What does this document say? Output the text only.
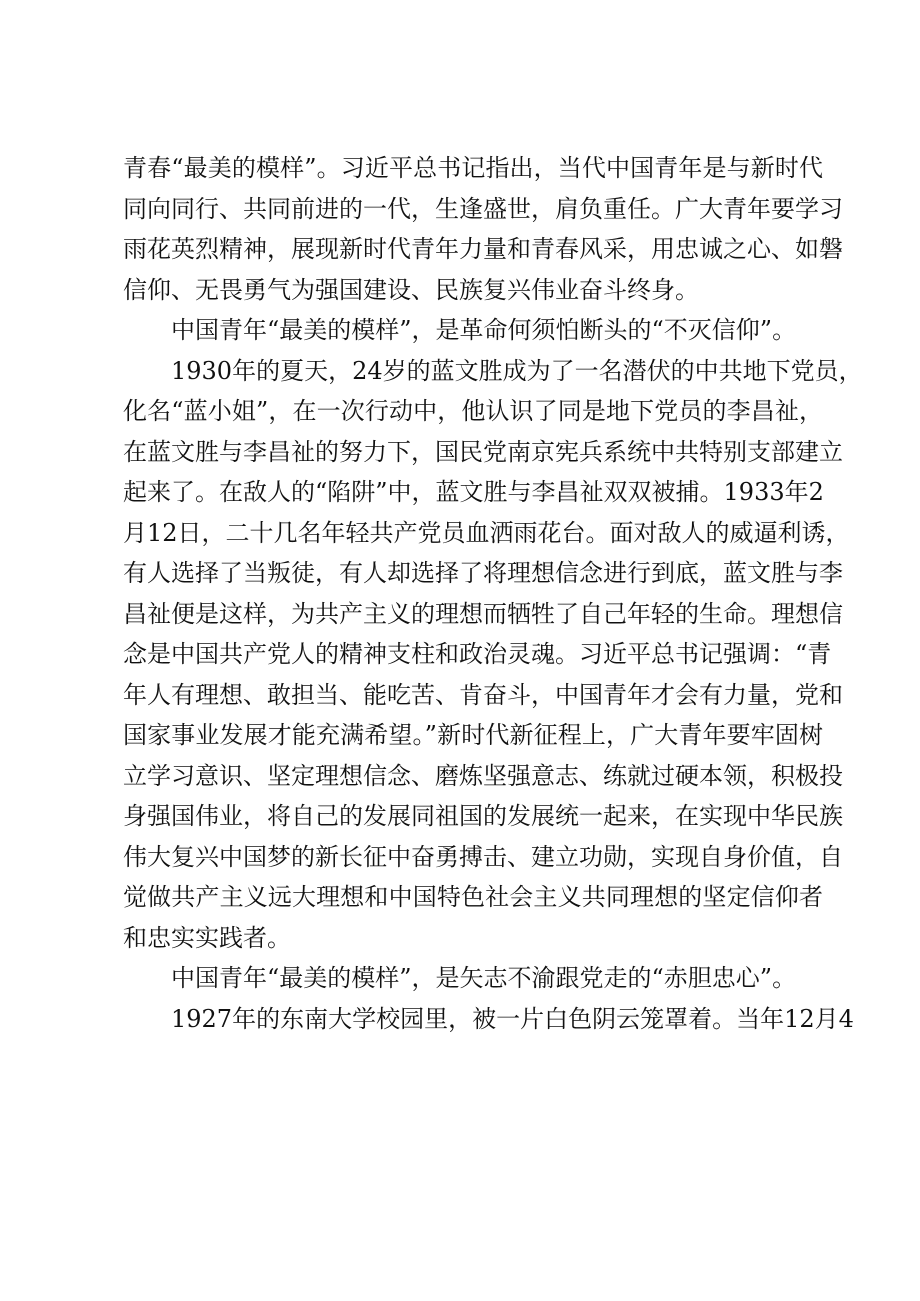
青春“最美的模样”。习近平总书记指出，当代中国青年是与新时代
同向同行、共同前进的一代，生逢盛世，肩负重任。广大青年要学习
雨花英烈精神，展现新时代青年力量和青春风采，用忠诚之心、如磐
信仰、无畏勇气为强国建设、民族复兴伟业奋斗终身。
中国青年“最美的模样”，是革命何须怕断头的“不灭信仰”。
1930年的夏天，24岁的蓝文胜成为了一名潜伏的中共地下党员，
化名“蓝小姐”，在一次行动中，他认识了同是地下党员的李昌祉，
在蓝文胜与李昌祉的努力下，国民党南京宪兵系统中共特别支部建立
起来了。在敌人的“陷阱”中，蓝文胜与李昌祉双双被捕。1933年2
月12日，二十几名年轻共产党员血洒雨花台。面对敌人的威逼利诱，
有人选择了当叛徒，有人却选择了将理想信念进行到底，蓝文胜与李
昌祉便是这样，为共产主义的理想而牺牲了自己年轻的生命。理想信
念是中国共产党人的精神支柱和政治灵魂。习近平总书记强调：“青
年人有理想、敢担当、能吃苦、肯奋斗，中国青年才会有力量，党和
国家事业发展才能充满希望。”新时代新征程上，广大青年要牢固树
立学习意识、坚定理想信念、磨炼坚强意志、练就过硬本领，积极投
身强国伟业，将自己的发展同祖国的发展统一起来，在实现中华民族
伟大复兴中国梦的新长征中奋勇搏击、建立功勋，实现自身价值，自
觉做共产主义远大理想和中国特色社会主义共同理想的坚定信仰者
和忠实实践者。
中国青年“最美的模样”，是矢志不渝跟党走的“赤胆忠心”。
1927年的东南大学校园里，被一片白色阴云笼罩着。当年12月4
